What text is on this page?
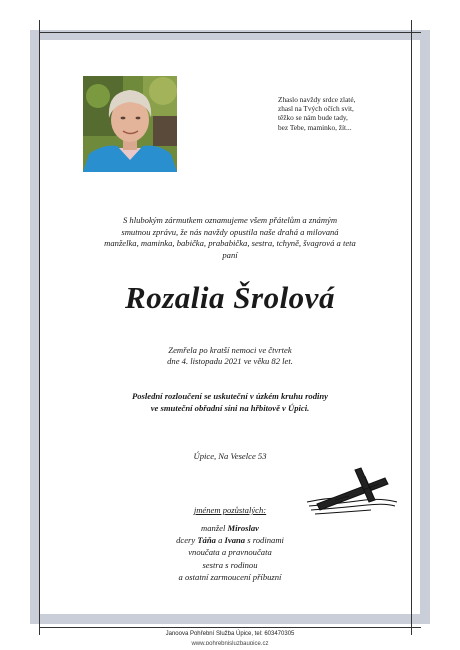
Zhaslo navždy srdce zlaté,
zhasl na Tvých očích svit,
těžko se nám bude tady,
bez Tebe, maminko, žít...
S hlubokým zármutkem oznamujeme všem přátelům a známým
smutnou zprávu, že nás navždy opustila naše drahá a milovaná
manželka, maminka, babička, prababička, sestra, tchyně, švagrová a teta
paní
Rozalia Šrolová
Zemřela po kratší nemoci ve čtvrtek
dne 4. listopadu 2021 ve věku 82 let.
Poslední rozloučení se uskuteční v úzkém kruhu rodiny
ve smuteční obřadní síni na hřbitově v Úpici.
Úpice, Na Veselce 53
jménem pozůstalých:
manžel Miroslav
dcery Táňa a Ivana s rodinami
vnoučata a pravnoučata
sestra s rodinou
a ostatní zarmoucení příbuzní
Janoova Pohřební Služba Úpice, tel: 603470305
www.pohrebnisluzbaupice.cz
